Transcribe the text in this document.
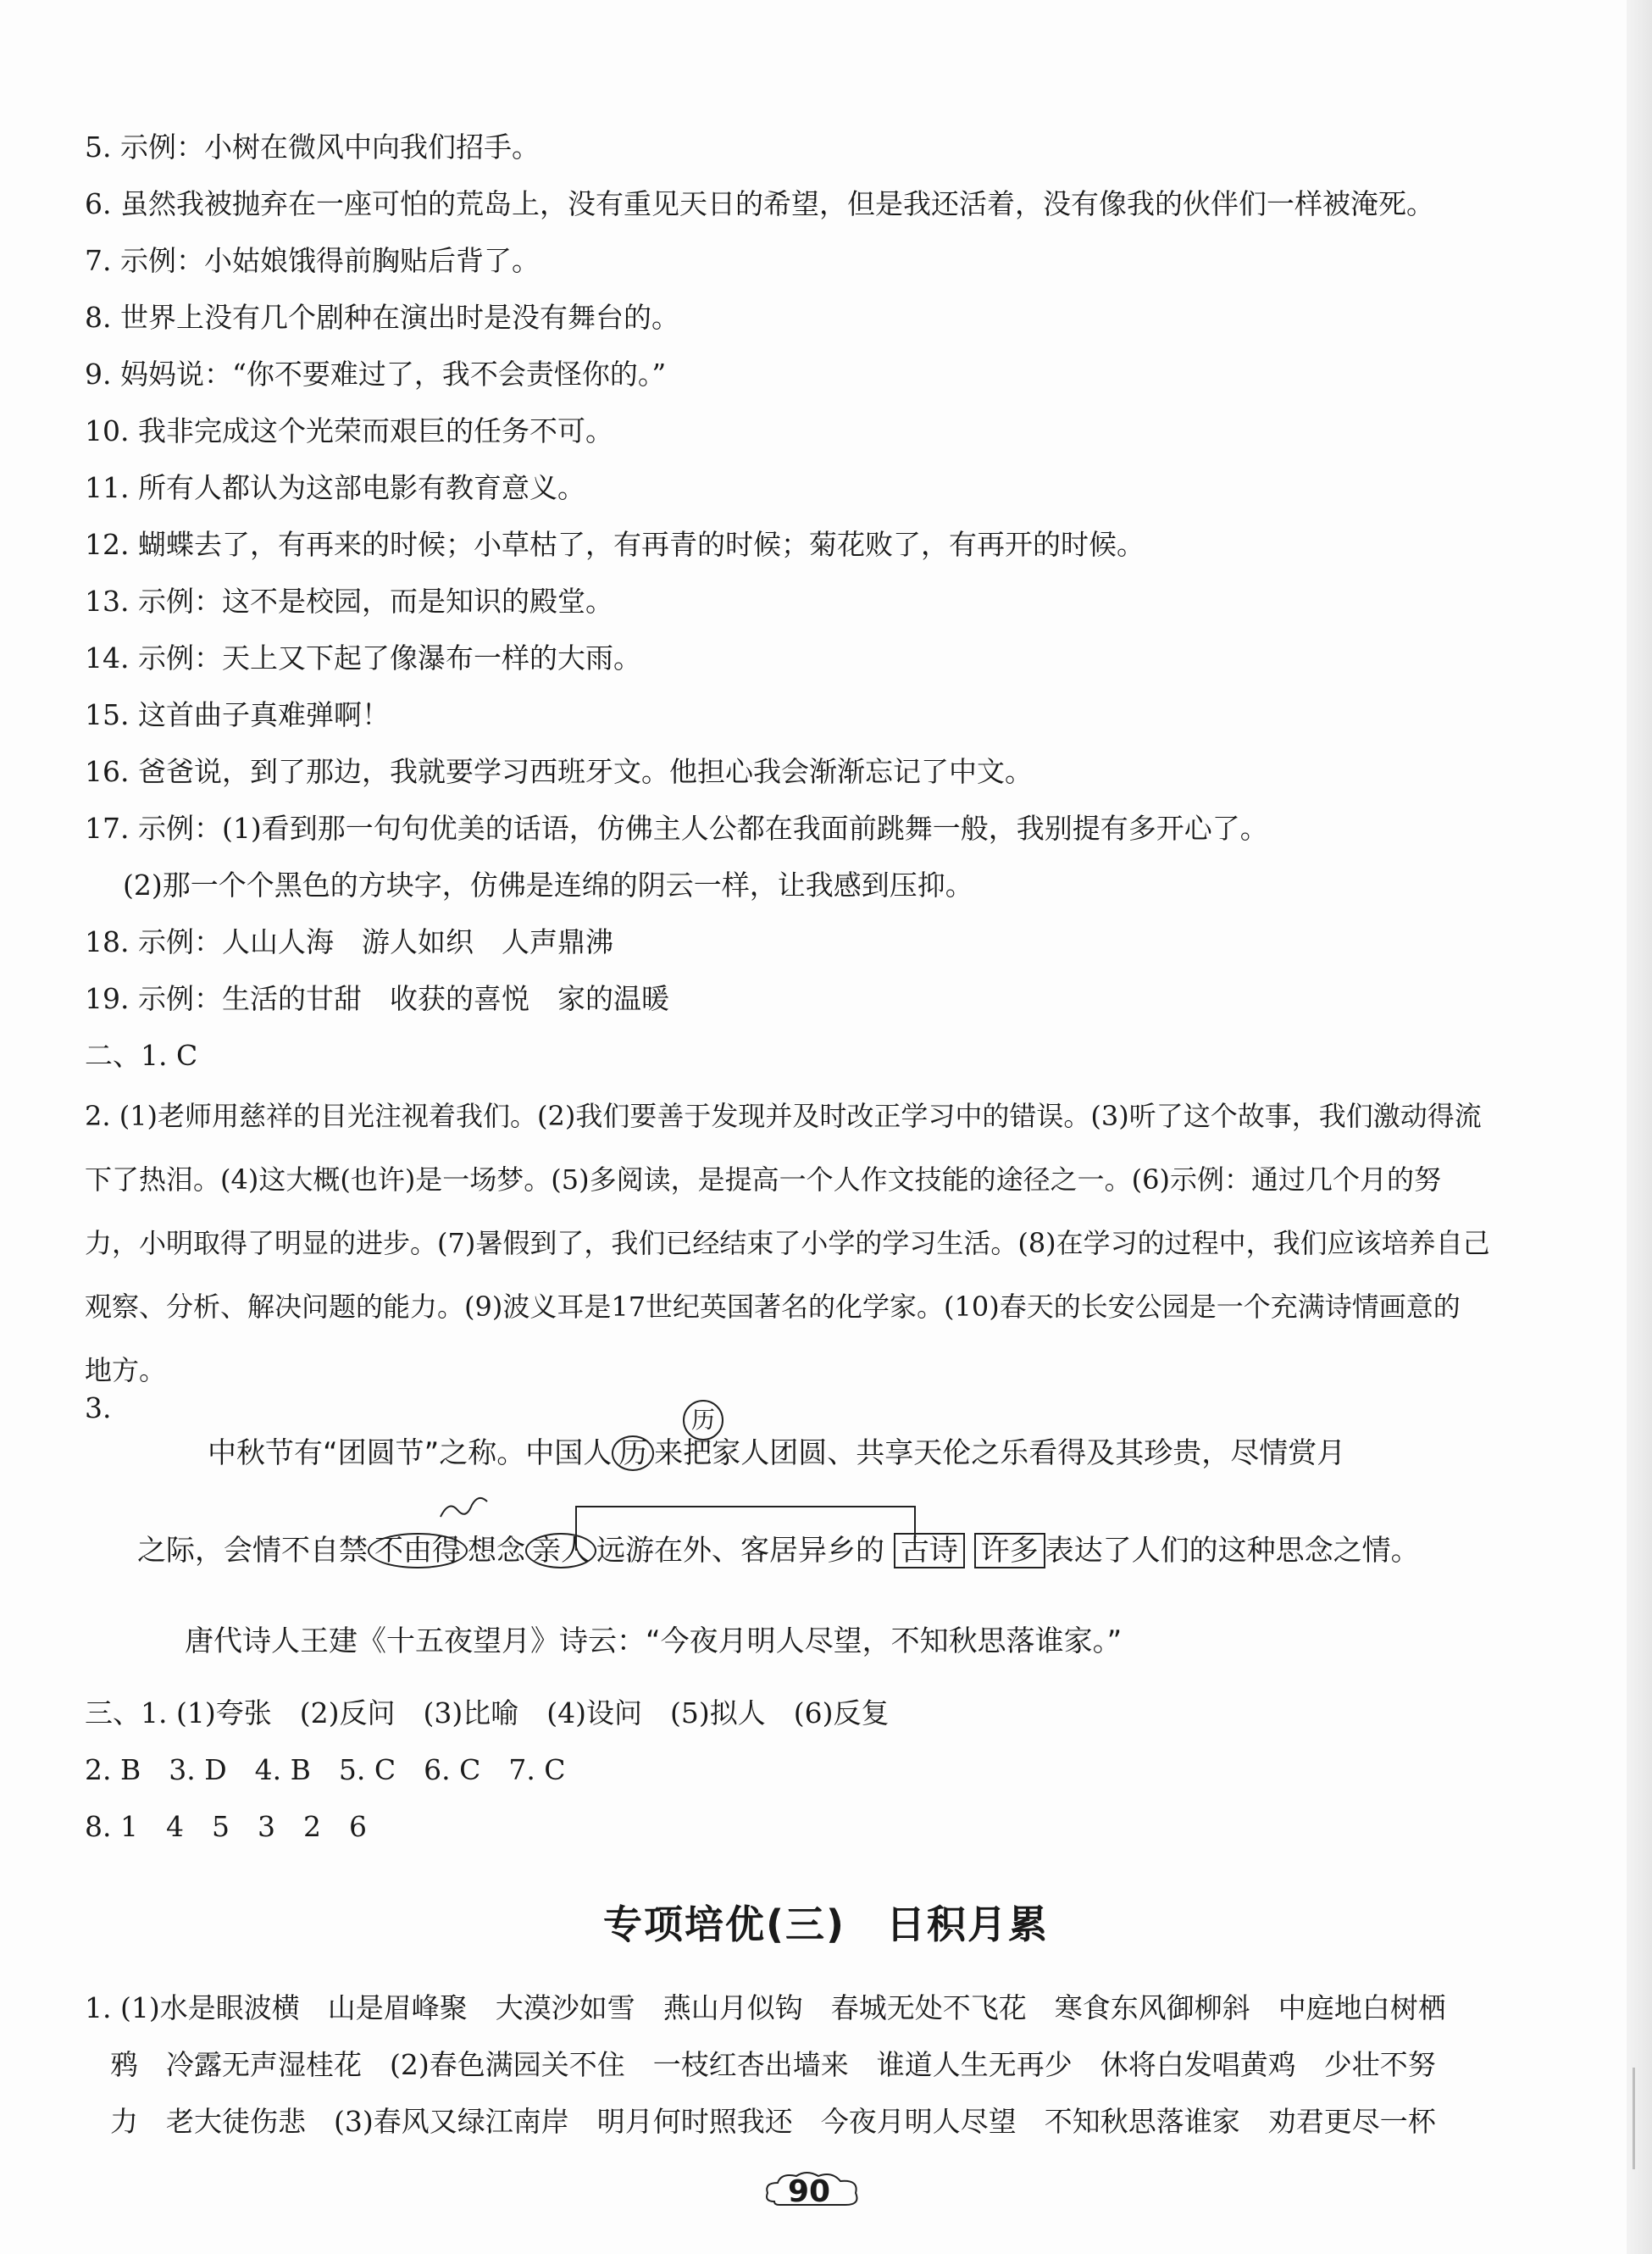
5. 示例：小树在微风中向我们招手。
6. 虽然我被抛弃在一座可怕的荒岛上，没有重见天日的希望，但是我还活着，没有像我的伙伴们一样被淹死。
7. 示例：小姑娘饿得前胸贴后背了。
8. 世界上没有几个剧种在演出时是没有舞台的。
9. 妈妈说：“你不要难过了，我不会责怪你的。”
10. 我非完成这个光荣而艰巨的任务不可。
11. 所有人都认为这部电影有教育意义。
12. 蝴蝶去了，有再来的时候；小草枯了，有再青的时候；菊花败了，有再开的时候。
13. 示例：这不是校园，而是知识的殿堂。
14. 示例：天上又下起了像瀑布一样的大雨。
15. 这首曲子真难弹啊！
16. 爸爸说，到了那边，我就要学习西班牙文。他担心我会渐渐忘记了中文。
17. 示例：(1)看到那一句句优美的话语，仿佛主人公都在我面前跳舞一般，我别提有多开心了。
(2)那一个个黑色的方块字，仿佛是连绵的阴云一样，让我感到压抑。
18. 示例：人山人海　游人如织　人声鼎沸
19. 示例：生活的甘甜　收获的喜悦　家的温暖
二、1. C
2. (1)老师用慈祥的目光注视着我们。(2)我们要善于发现并及时改正学习中的错误。(3)听了这个故事，我们激动得流
下了热泪。(4)这大概(也许)是一场梦。(5)多阅读，是提高一个人作文技能的途径之一。(6)示例：通过几个月的努
力，小明取得了明显的进步。(7)暑假到了，我们已经结束了小学的学习生活。(8)在学习的过程中，我们应该培养自己
观察、分析、解决问题的能力。(9)波义耳是17世纪英国著名的化学家。(10)春天的长安公园是一个充满诗情画意的
地方。
3.	历
中秋节有“团圆节”之称。中国人 历 来把家人团圆、共享天伦之乐看得及其珍贵，尽情赏月
之际，会情不自禁 不由得 想念 亲人 远游在外、客居异乡的 古诗 许多 表达了人们的这种思念之情。
唐代诗人王建《十五夜望月》诗云：“今夜月明人尽望，不知秋思落谁家。”
三、1. (1)夸张　(2)反问　(3)比喻　(4)设问　(5)拟人　(6)反复
2. B　3. D　4. B　5. C　6. C　7. C
8. 1　4　5　3　2　6
专项培优(三)　日积月累
1. (1)水是眼波横　山是眉峰聚　大漠沙如雪　燕山月似钩　春城无处不飞花　寒食东风御柳斜　中庭地白树栖
鸦　冷露无声湿桂花　(2)春色满园关不住　一枝红杏出墙来　谁道人生无再少　休将白发唱黄鸡　少壮不努
力　老大徒伤悲　(3)春风又绿江南岸　明月何时照我还　今夜月明人尽望　不知秋思落谁家　劝君更尽一杯
90
